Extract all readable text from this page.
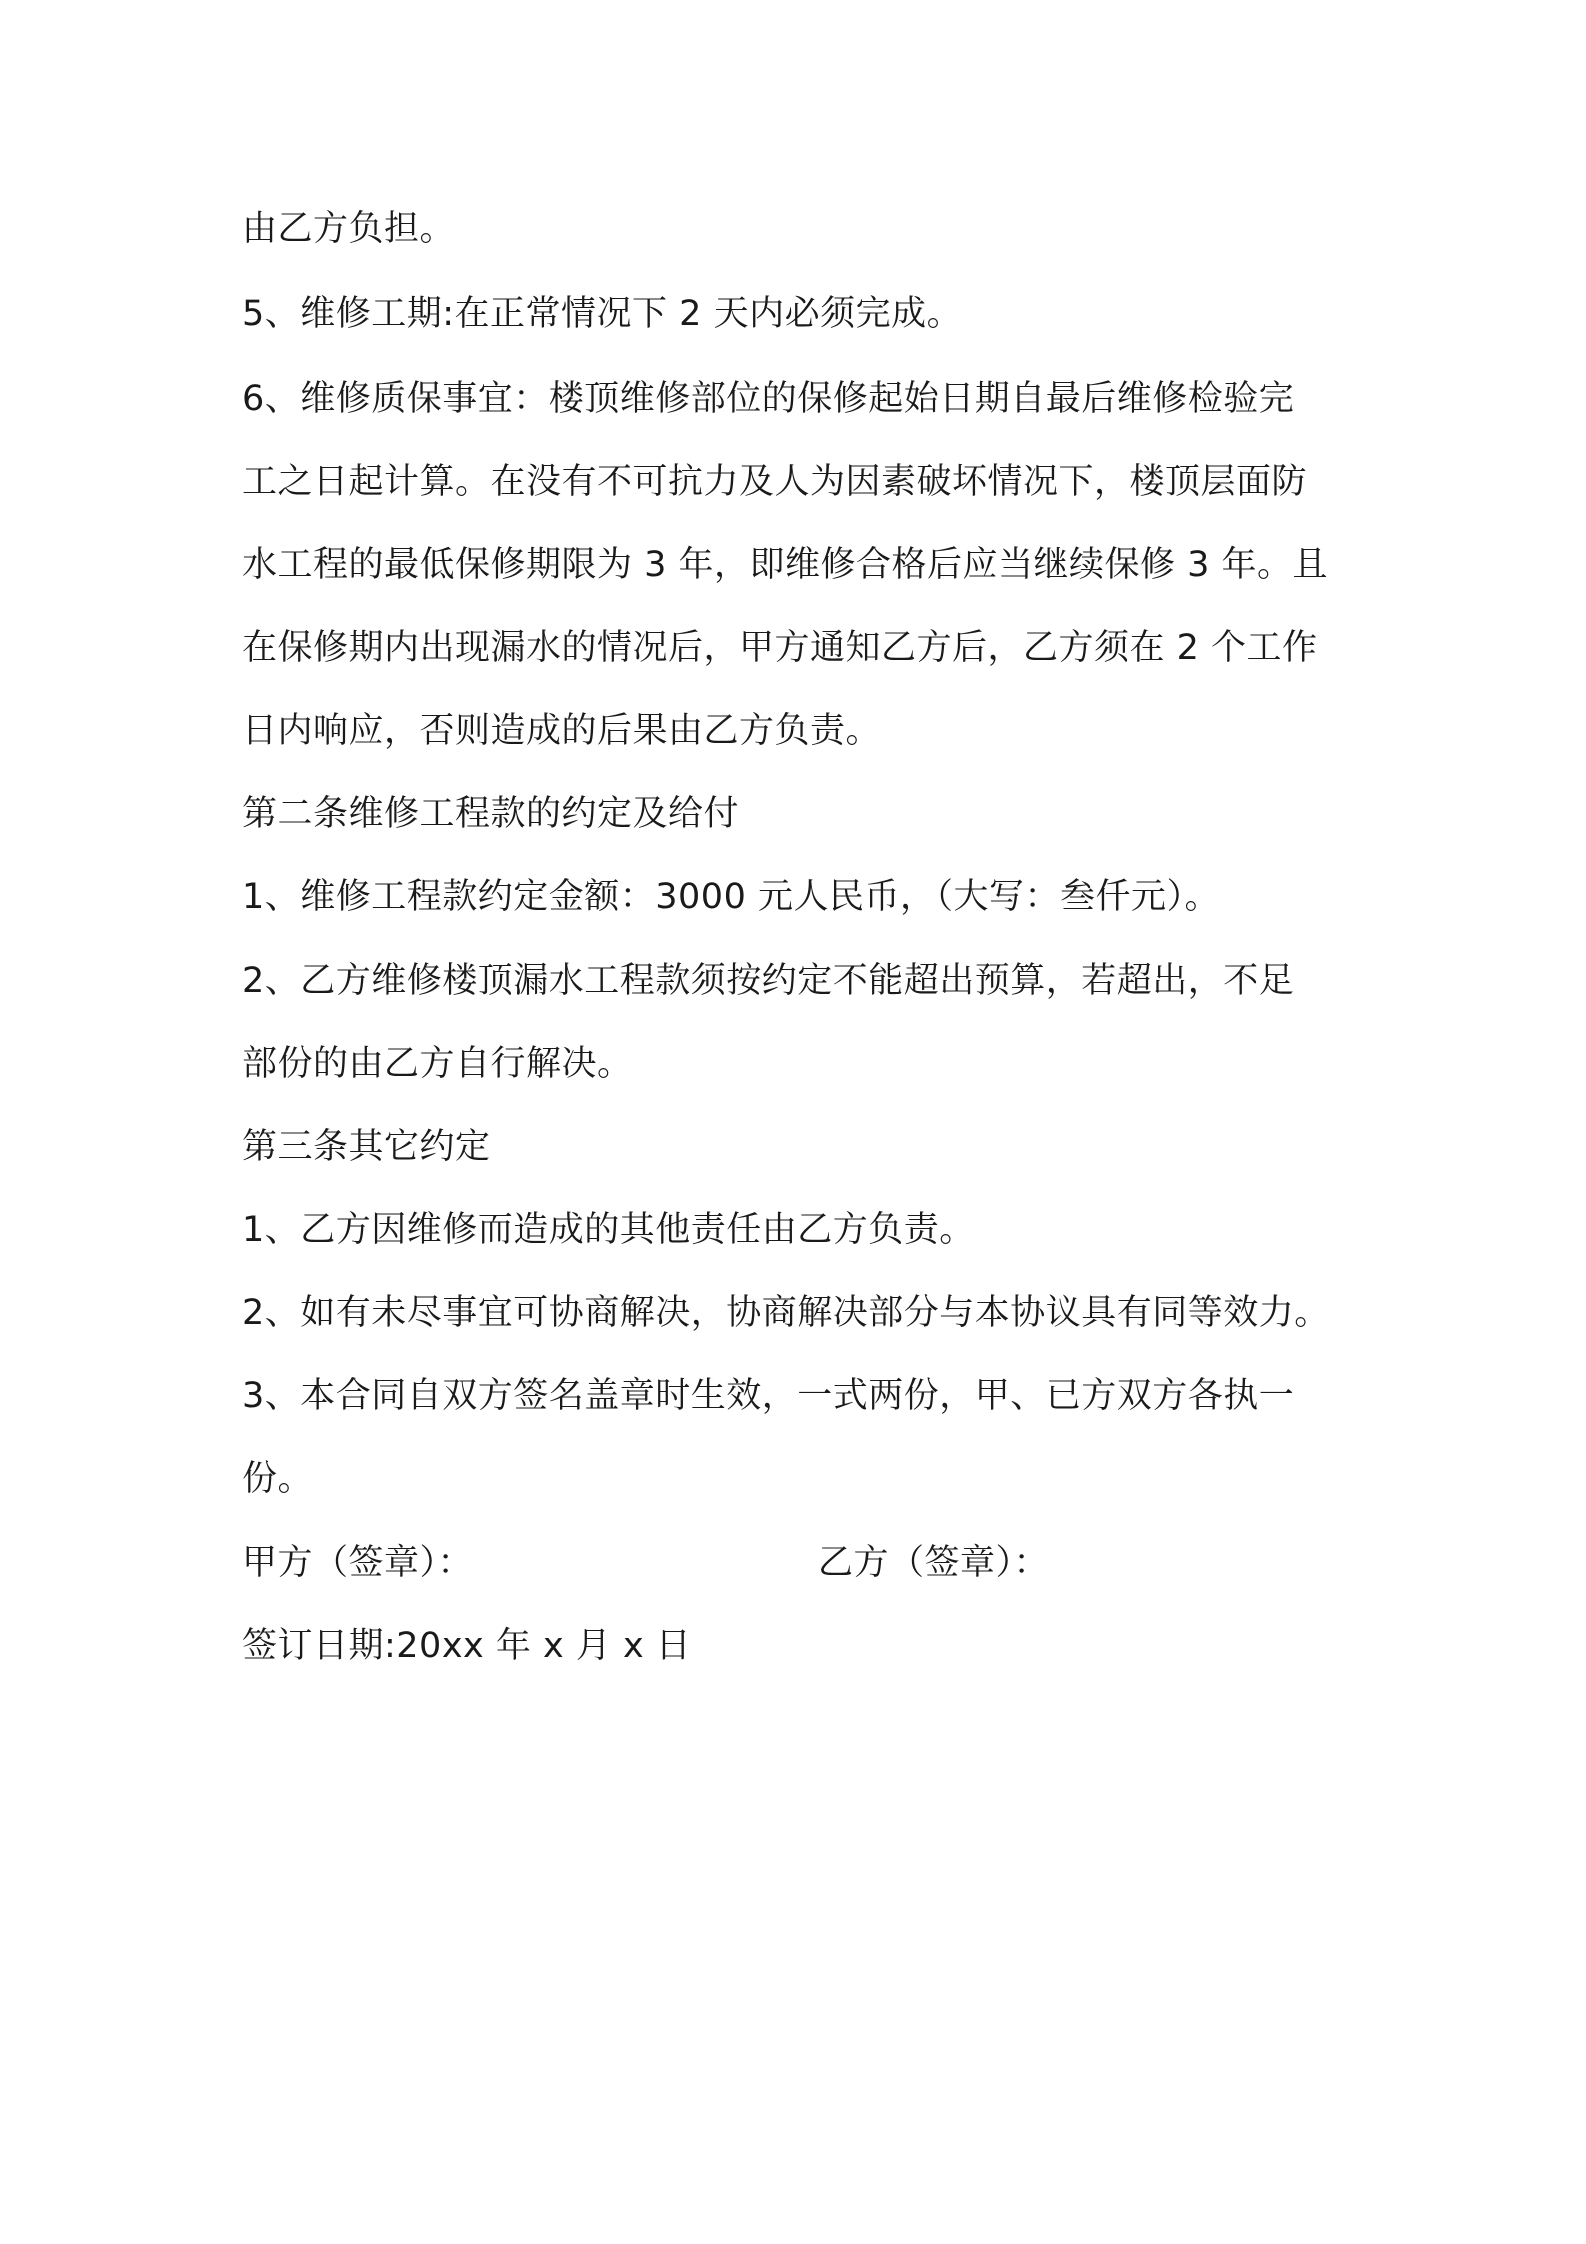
由乙方负担。
5、维修工期:在正常情况下 2 天内必须完成。
6、维修质保事宜：楼顶维修部位的保修起始日期自最后维修检验完
工之日起计算。在没有不可抗力及人为因素破坏情况下，楼顶层面防
水工程的最低保修期限为 3 年，即维修合格后应当继续保修 3 年。且
在保修期内出现漏水的情况后，甲方通知乙方后，乙方须在 2 个工作
日内响应，否则造成的后果由乙方负责。
第二条维修工程款的约定及给付
1、维修工程款约定金额：3000 元人民币，（大写：叁仟元）。
2、乙方维修楼顶漏水工程款须按约定不能超出预算，若超出，不足
部份的由乙方自行解决。
第三条其它约定
1、乙方因维修而造成的其他责任由乙方负责。
2、如有未尽事宜可协商解决，协商解决部分与本协议具有同等效力。
3、本合同自双方签名盖章时生效，一式两份，甲、已方双方各执一
份。
甲方（签章）：	乙方（签章）：
签订日期:20xx 年 x 月 x 日
